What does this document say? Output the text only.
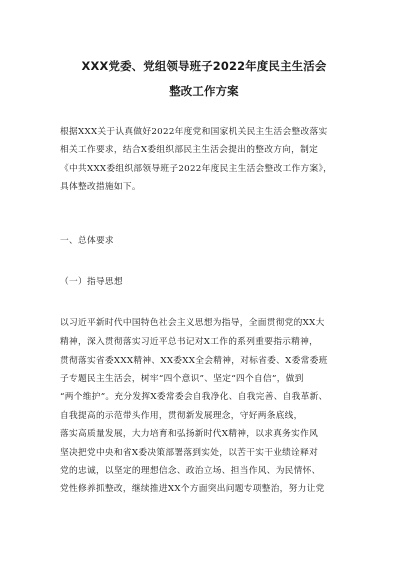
XXX党委、党组领导班子2022年度民主生活会
整改工作方案
根据XXX关于认真做好2022年度党和国家机关民主生活会整改落实
相关工作要求，结合X委组织部民主生活会提出的整改方向，制定
《中共XXX委组织部领导班子2022年度民主生活会整改工作方案》，
具体整改措施如下。
一、总体要求
（一）指导思想
以习近平新时代中国特色社会主义思想为指导，全面贯彻党的XX大
精神，深入贯彻落实习近平总书记对X工作的系列重要指示精神，
贯彻落实省委XXX精神、XX委XX全会精神，对标省委、X委常委班
子专题民主生活会，树牢“四个意识”、坚定“四个自信”，做到
“两个维护”。充分发挥X委常委会自我净化、自我完善、自我革新、
自我提高的示范带头作用，贯彻新发展理念，守好两条底线，
落实高质量发展，大力培育和弘扬新时代X精神，以求真务实作风
坚决把党中央和省X委决策部署落到实处，以苦干实干业绩诠释对
党的忠诚，以坚定的理想信念、政治立场、担当作风、为民情怀、
党性修养抓整改，继续推进XX个方面突出问题专项整治，努力让党
